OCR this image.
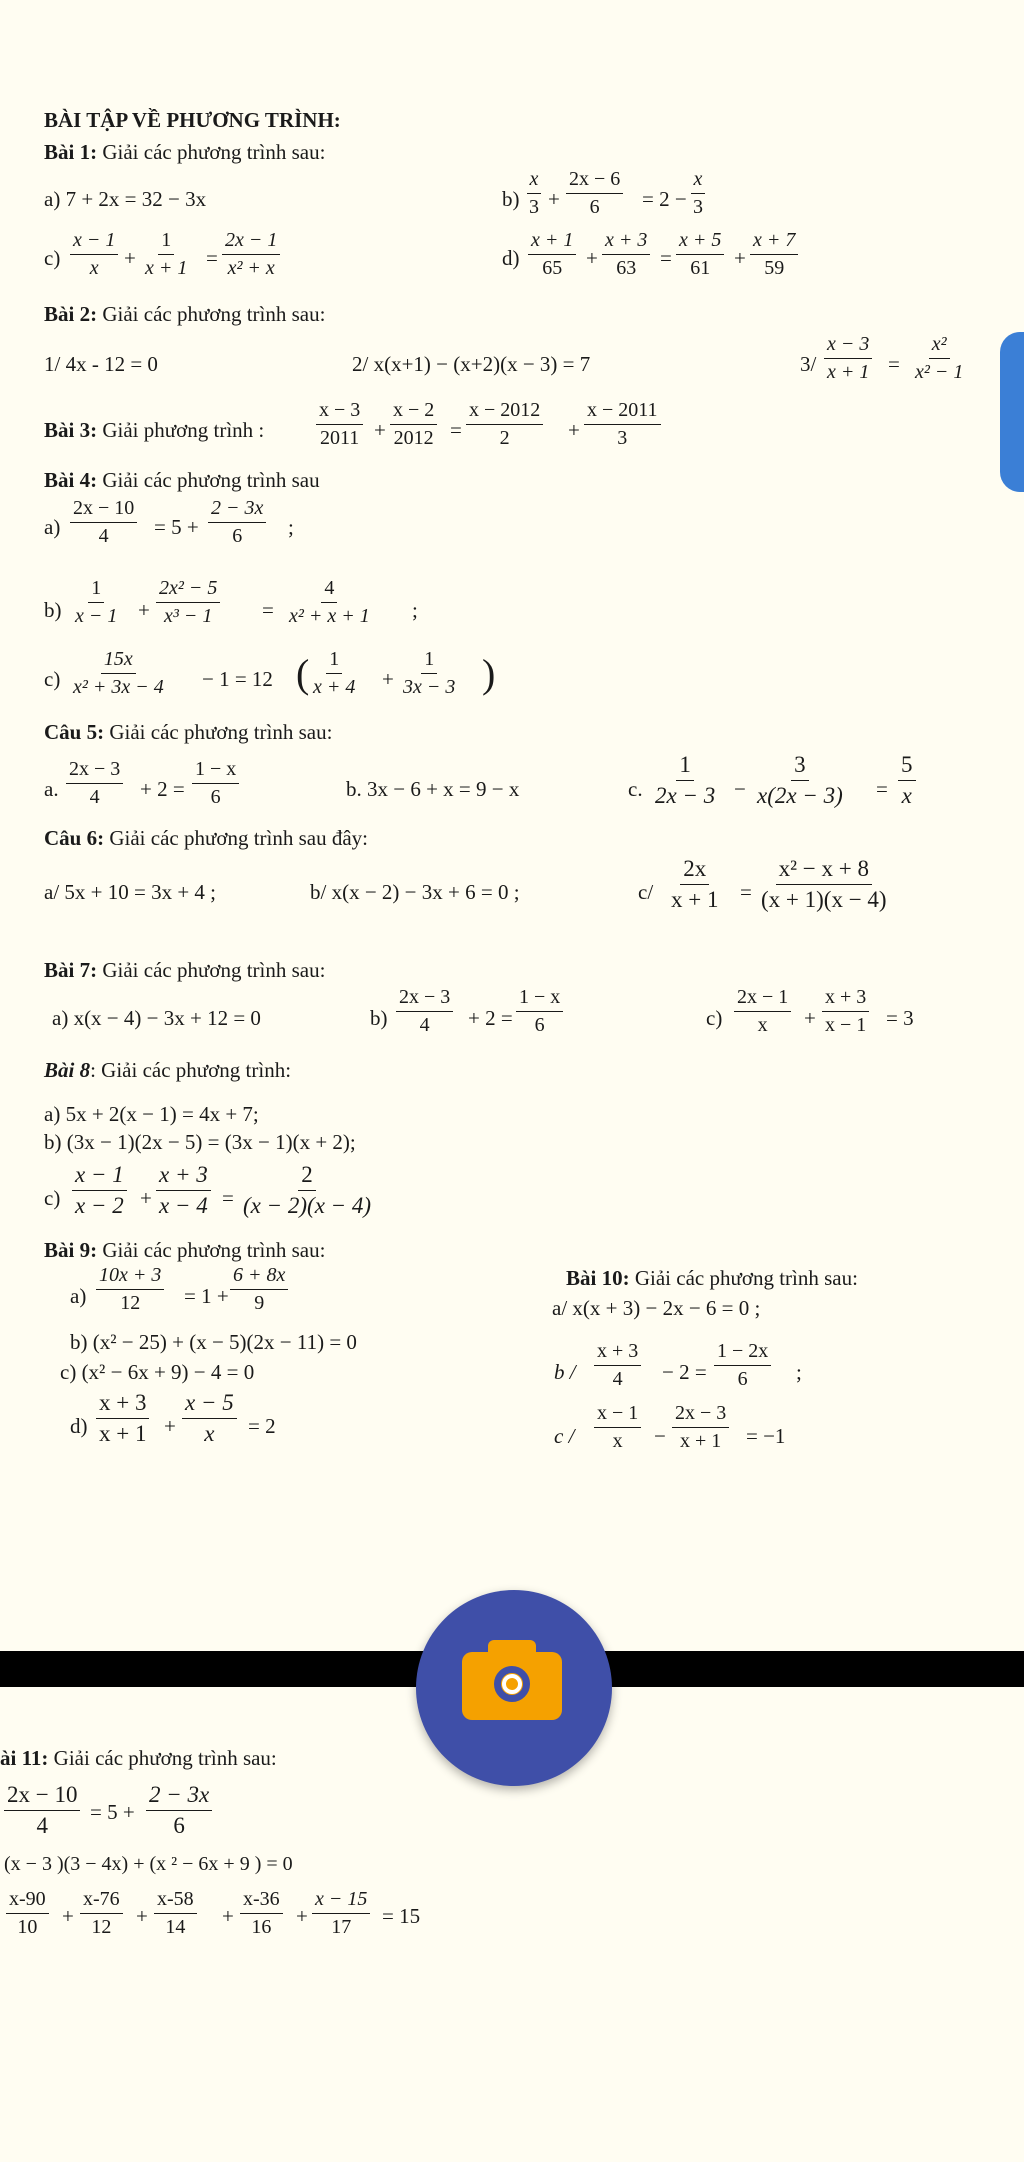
BÀI TẬP VỀ PHƯƠNG TRÌNH:
Bài 1: Giải các phương trình sau:
a) 7 + 2x = 32 − 3x	b)
x
3 +
2x − 6
6 = 2 −
x
3
c)
x − 1
x +
1
x + 1 =
2x − 1
x² + x	d)
x + 1
65 +
x + 3
63 =
x + 5
61 +
x + 7
59
Bài 2: Giải các phương trình sau:
1/ 4x - 12 = 0	2/ x(x+1) − (x+2)(x − 3) = 7	3/
x − 3
x + 1 =
x²
x² − 1
Bài 3: Giải phương trình :
x − 3
2011 +
x − 2
2012 =
x − 2012
2	+
x − 2011
3
Bài 4: Giải các phương trình sau
a)
2x − 10
4 = 5 +
2 − 3x
6 ;
b)
1
x − 1 +
2x² − 5
x³ − 1 =
4
x² + x + 1 ;
c)
15x
x² + 3x − 4 − 1 = 12 ( 1
x + 4 +
1
3x − 3 )
Câu 5: Giải các phương trình sau:
a.
2x − 3
4 + 2 =
1 − x
6	b. 3x − 6 + x = 9 − x	c.
1
2x − 3 −
3
x(2x − 3) =
5
x
Câu 6: Giải các phương trình sau đây:
a/ 5x + 10 = 3x + 4 ;	b/ x(x − 2) − 3x + 6 = 0 ;	c/
2x
x + 1 =
x² − x + 8
(x + 1)(x − 4)
Bài 7: Giải các phương trình sau:
a) x(x − 4) − 3x + 12 = 0	b)
2x − 3
4 + 2 =
1 − x
6	c)
2x − 1
x +
x + 3
x − 1 = 3
Bài 8: Giải các phương trình:
a) 5x + 2(x − 1) = 4x + 7;
b) (3x − 1)(2x − 5) = (3x − 1)(x + 2);
c)
x − 1
x − 2 +
x + 3
x − 4 =
2
(x − 2)(x − 4)
Bài 9: Giải các phương trình sau:
a)
10x + 3
12 = 1 +
6 + 8x
9
b) (x² − 25) + (x − 5)(2x − 11) = 0
c) (x² − 6x + 9) − 4 = 0
d)
x + 3
x + 1 +
x − 5
x = 2
Bài 10: Giải các phương trình sau:
a/ x(x + 3) − 2x − 6 = 0 ;
b /
x + 3
4 − 2 =
1 − 2x
6 ;
c /
x − 1
x −
2x − 3
x + 1 = −1
ài 11: Giải các phương trình sau:
2x − 10
4
= 5 +
2 − 3x
6
(x − 3 )(3 − 4x) + (x ² − 6x + 9 ) = 0
x-90
10 +
x-76
12 +
x-58
14 +
x-36
16 +
x − 15
17 = 15
